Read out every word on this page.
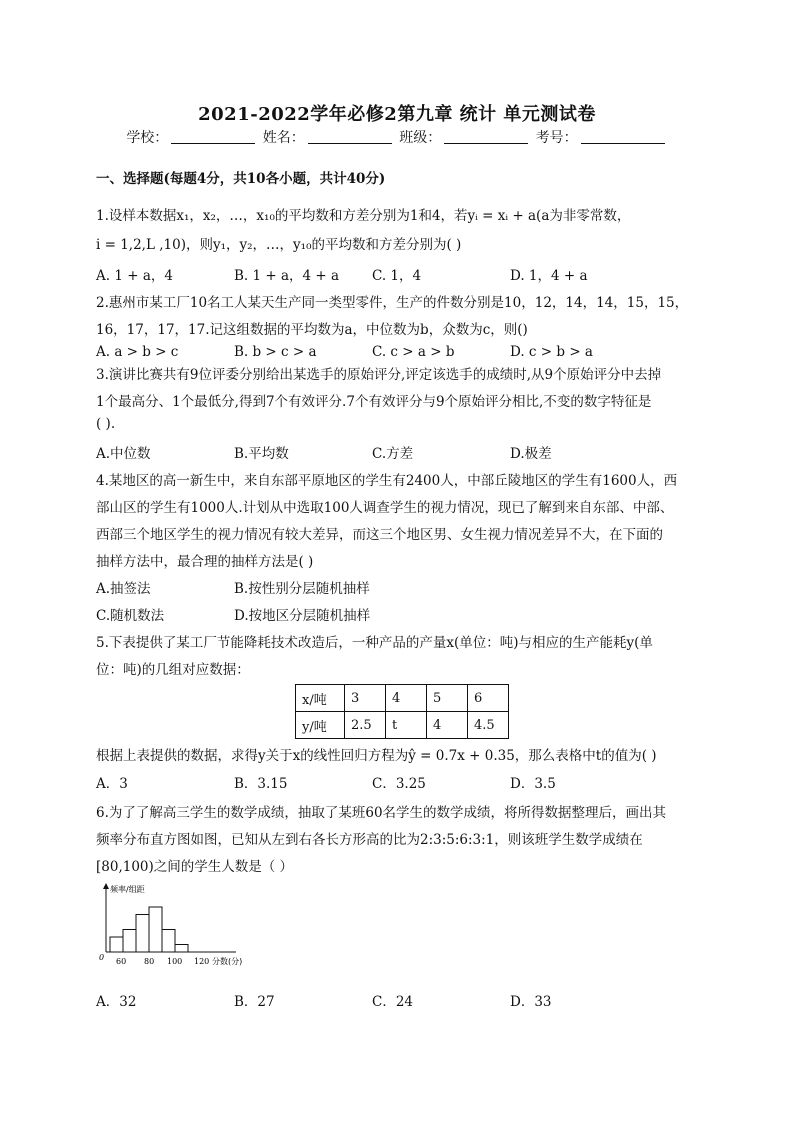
2021-2022学年必修2第九章 统计 单元测试卷
学校：	姓名：	班级：	考号：
一、选择题(每题4分，共10各小题，共计40分)
1.设样本数据x₁，x₂，…，x₁₀的平均数和方差分别为1和4，若yᵢ = xᵢ + a(a为非零常数，
i = 1,2,L ,10)，则y₁，y₂，…，y₁₀的平均数和方差分别为( )
A. 1 + a，4	B. 1 + a，4 + a C. 1，4	D. 1，4 + a
2.惠州市某工厂10名工人某天生产同一类型零件，生产的件数分别是10，12，14，14，15，15，
16，17，17，17.记这组数据的平均数为a，中位数为b，众数为c，则()
A. a > b > c	B. b > c > a	C. c > a > b	D. c > b > a
3.演讲比赛共有9位评委分别给出某选手的原始评分,评定该选手的成绩时,从9个原始评分中去掉
1个最高分、1个最低分,得到7个有效评分.7个有效评分与9个原始评分相比,不变的数字特征是
( ).
A.中位数	B.平均数	C.方差	D.极差
4.某地区的高一新生中，来自东部平原地区的学生有2400人，中部丘陵地区的学生有1600人，西
部山区的学生有1000人.计划从中选取100人调查学生的视力情况，现已了解到来自东部、中部、
西部三个地区学生的视力情况有较大差异，而这三个地区男、女生视力情况差异不大，在下面的
抽样方法中，最合理的抽样方法是( )
A.抽签法	B.按性别分层随机抽样
C.随机数法	D.按地区分层随机抽样
5.下表提供了某工厂节能降耗技术改造后，一种产品的产量x(单位：吨)与相应的生产能耗y(单
位：吨)的几组对应数据：
x/吨	3	4	5	6
y/吨	2.5	t	4	4.5
根据上表提供的数据，求得y关于x的线性回归方程为ŷ = 0.7x + 0.35，那么表格中t的值为( )
A．3	B．3.15	C．3.25	D．3.5
6.为了了解高三学生的数学成绩，抽取了某班60名学生的数学成绩，将所得数据整理后，画出其
频率分布直方图如图，已知从左到右各长方形高的比为2:3:5:6:3:1，则该班学生数学成绩在
[80,100)之间的学生人数是（ ）
频率/组距
0 60 80 100 120 分数(分)
A．32	B．27	C．24	D．33
